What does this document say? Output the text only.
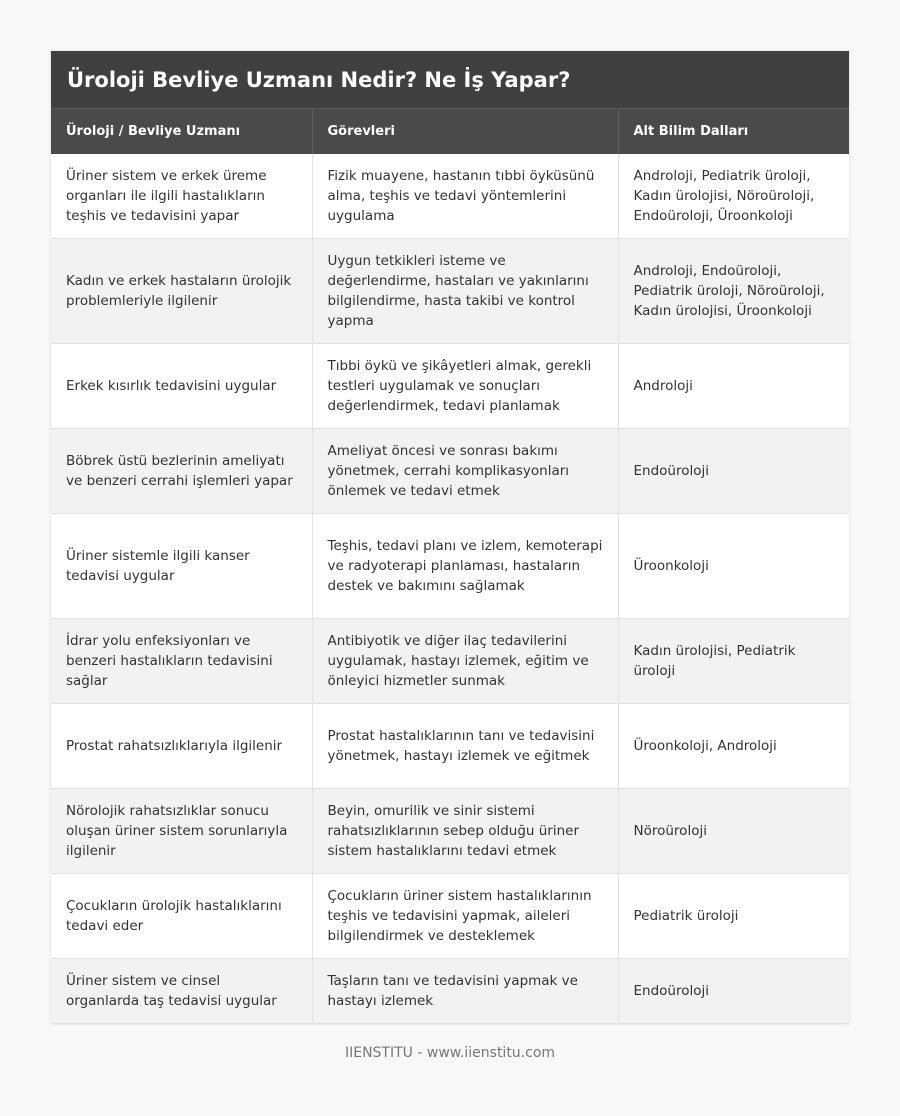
Üroloji Bevliye Uzmanı Nedir? Ne İş Yapar?
Üroloji / Bevliye Uzmanı	Görevleri	Alt Bilim Dalları
Üriner sistem ve erkek üreme organları ile ilgili hastalıkların teşhis ve tedavisini yapar	Fizik muayene, hastanın tıbbi öyküsünü alma, teşhis ve tedavi yöntemlerini uygulama	Androloji, Pediatrik üroloji, Kadın ürolojisi, Nöroüroloji, Endoüroloji, Üroonkoloji
Kadın ve erkek hastaların ürolojik problemleriyle ilgilenir	Uygun tetkikleri isteme ve değerlendirme, hastaları ve yakınlarını bilgilendirme, hasta takibi ve kontrol yapma	Androloji, Endoüroloji, Pediatrik üroloji, Nöroüroloji, Kadın ürolojisi, Üroonkoloji
Erkek kısırlık tedavisini uygular	Tıbbi öykü ve şikâyetleri almak, gerekli testleri uygulamak ve sonuçları değerlendirmek, tedavi planlamak	Androloji
Böbrek üstü bezlerinin ameliyatı ve benzeri cerrahi işlemleri yapar	Ameliyat öncesi ve sonrası bakımı yönetmek, cerrahi komplikasyonları önlemek ve tedavi etmek	Endoüroloji
Üriner sistemle ilgili kanser tedavisi uygular	Teşhis, tedavi planı ve izlem, kemoterapi ve radyoterapi planlaması, hastaların destek ve bakımını sağlamak	Üroonkoloji
İdrar yolu enfeksiyonları ve benzeri hastalıkların tedavisini sağlar	Antibiyotik ve diğer ilaç tedavilerini uygulamak, hastayı izlemek, eğitim ve önleyici hizmetler sunmak	Kadın ürolojisi, Pediatrik üroloji
Prostat rahatsızlıklarıyla ilgilenir	Prostat hastalıklarının tanı ve tedavisini yönetmek, hastayı izlemek ve eğitmek	Üroonkoloji, Androloji
Nörolojik rahatsızlıklar sonucu oluşan üriner sistem sorunlarıyla ilgilenir	Beyin, omurilik ve sinir sistemi rahatsızlıklarının sebep olduğu üriner sistem hastalıklarını tedavi etmek	Nöroüroloji
Çocukların ürolojik hastalıklarını tedavi eder	Çocukların üriner sistem hastalıklarının teşhis ve tedavisini yapmak, aileleri bilgilendirmek ve desteklemek	Pediatrik üroloji
Üriner sistem ve cinsel organlarda taş tedavisi uygular	Taşların tanı ve tedavisini yapmak ve hastayı izlemek	Endoüroloji
IIENSTITU - www.iienstitu.com
